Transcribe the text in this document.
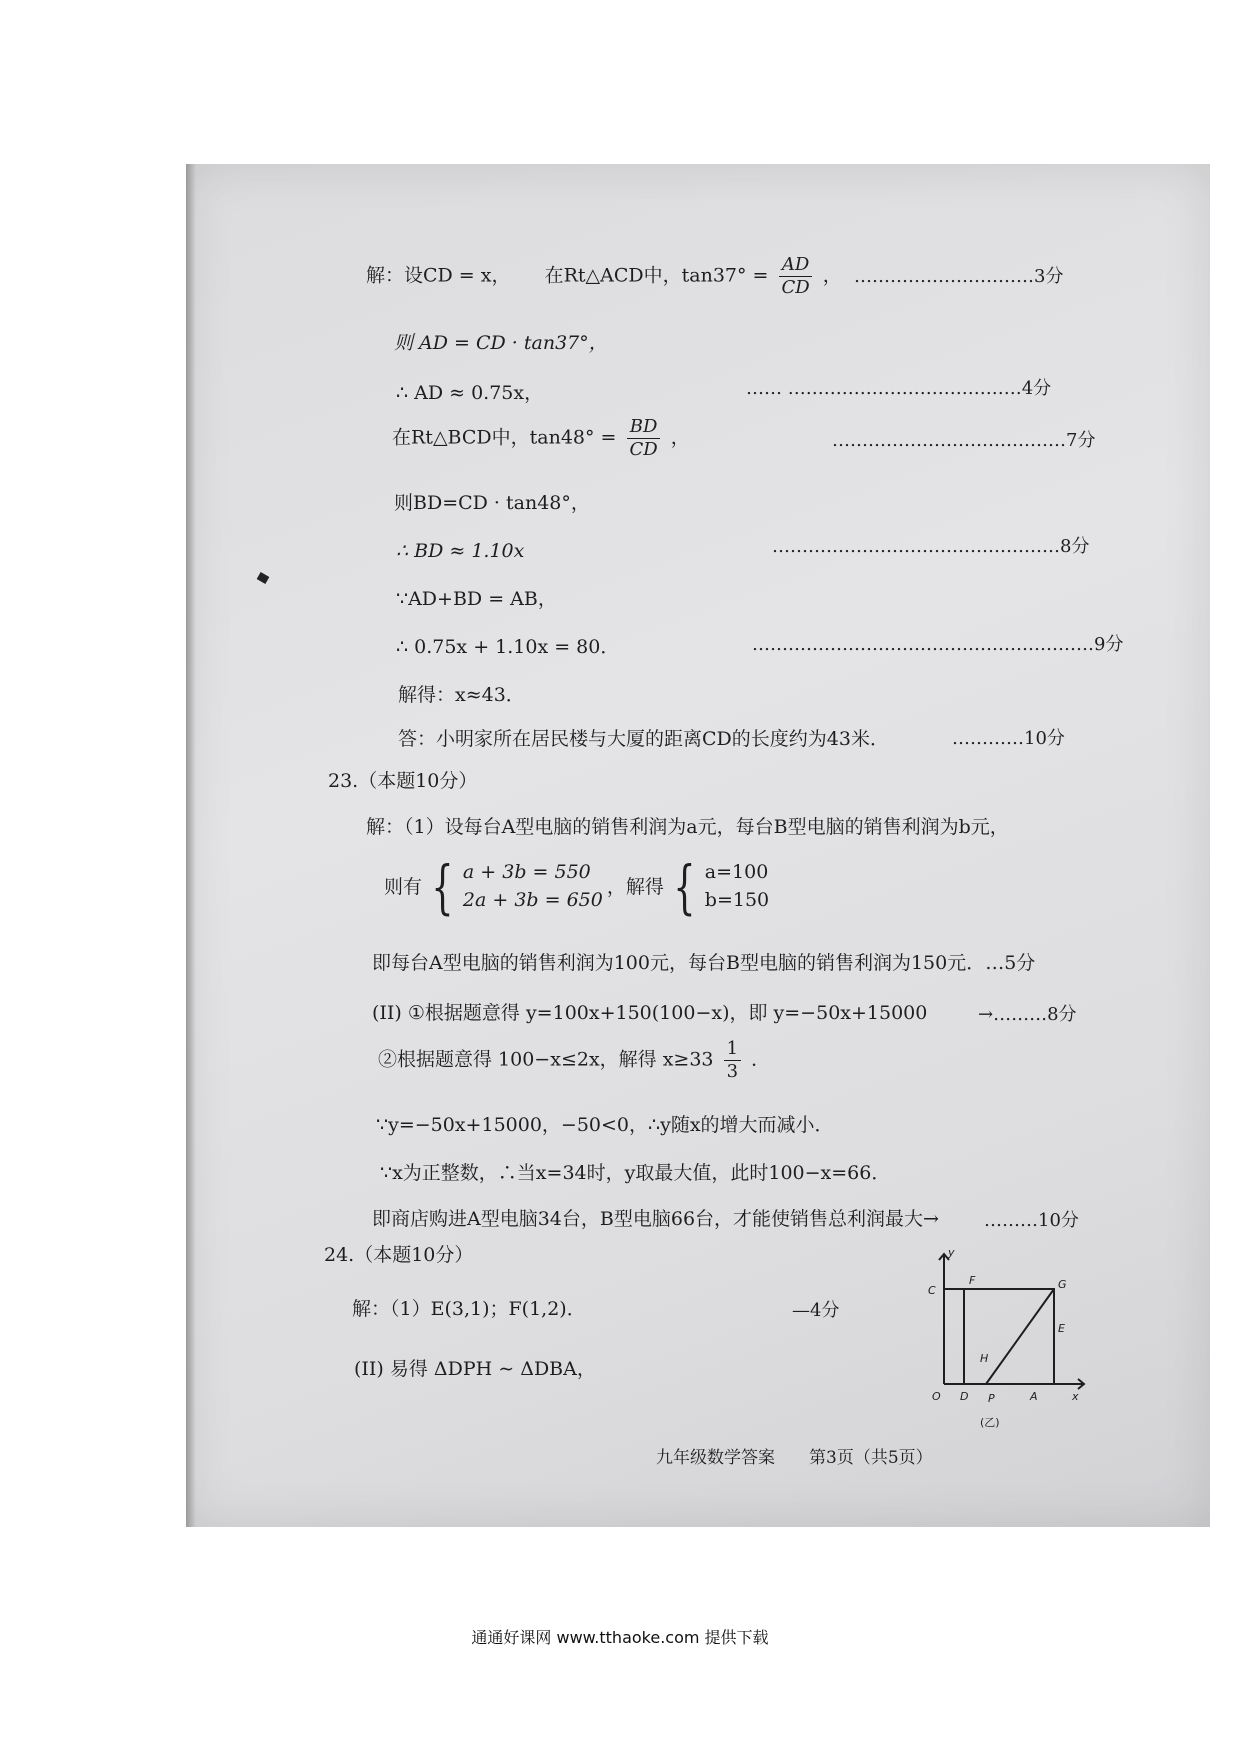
解：设CD = x， 在Rt△ACD中，$\tan 37^\circ = \frac{AD}{CD}$ ， …………………………3分
则 AD = CD · tan37°，
∴ AD ≈ 0.75x，	…… …………………………………4分
在Rt△BCD中，$\tan 48^\circ = \frac{BD}{CD}$ ，	…………………………………7分
则BD=CD · tan48°，
∴ BD ≈ 1.10x	…………………………………………8分
∵AD+BD = AB，
∴ 0.75x + 1.10x = 80．	…………………………………………………9分
解得：x≈43．
答：小明家所在居民楼与大厦的距离CD的长度约为43米．	…………10分
23.（本题10分）
解：（1）设每台A型电脑的销售利润为a元，每台B型电脑的销售利润为b元，
则有 { a + 3b = 550
2a + 3b = 650
，解得 { a=100
b=150
即每台A型电脑的销售利润为100元，每台B型电脑的销售利润为150元．…5分
(II) ①根据题意得 y=100x+150(100−x)，即 y=−50x+15000	→………8分
②根据题意得 100−x≤2x，解得 $x\ge 33 \frac{1}{3}$ ．
∵y=−50x+15000，−50<0，∴y随x的增大而减小．
∵x为正整数，∴当x=34时，y取最大值，此时100−x=66．
即商店购进A型电脑34台，B型电脑66台，才能使销售总利润最大→	………10分
24.（本题10分）
解：（1）E(3,1)；F(1,2)．	—4分
(II) 易得 ΔDPH ∼ ΔDBA，
y
C
F	G
E
H
O D P	A	x
(乙)
九年级数学答案　　第3页（共5页）
通通好课网 www.tthaoke.com 提供下载
